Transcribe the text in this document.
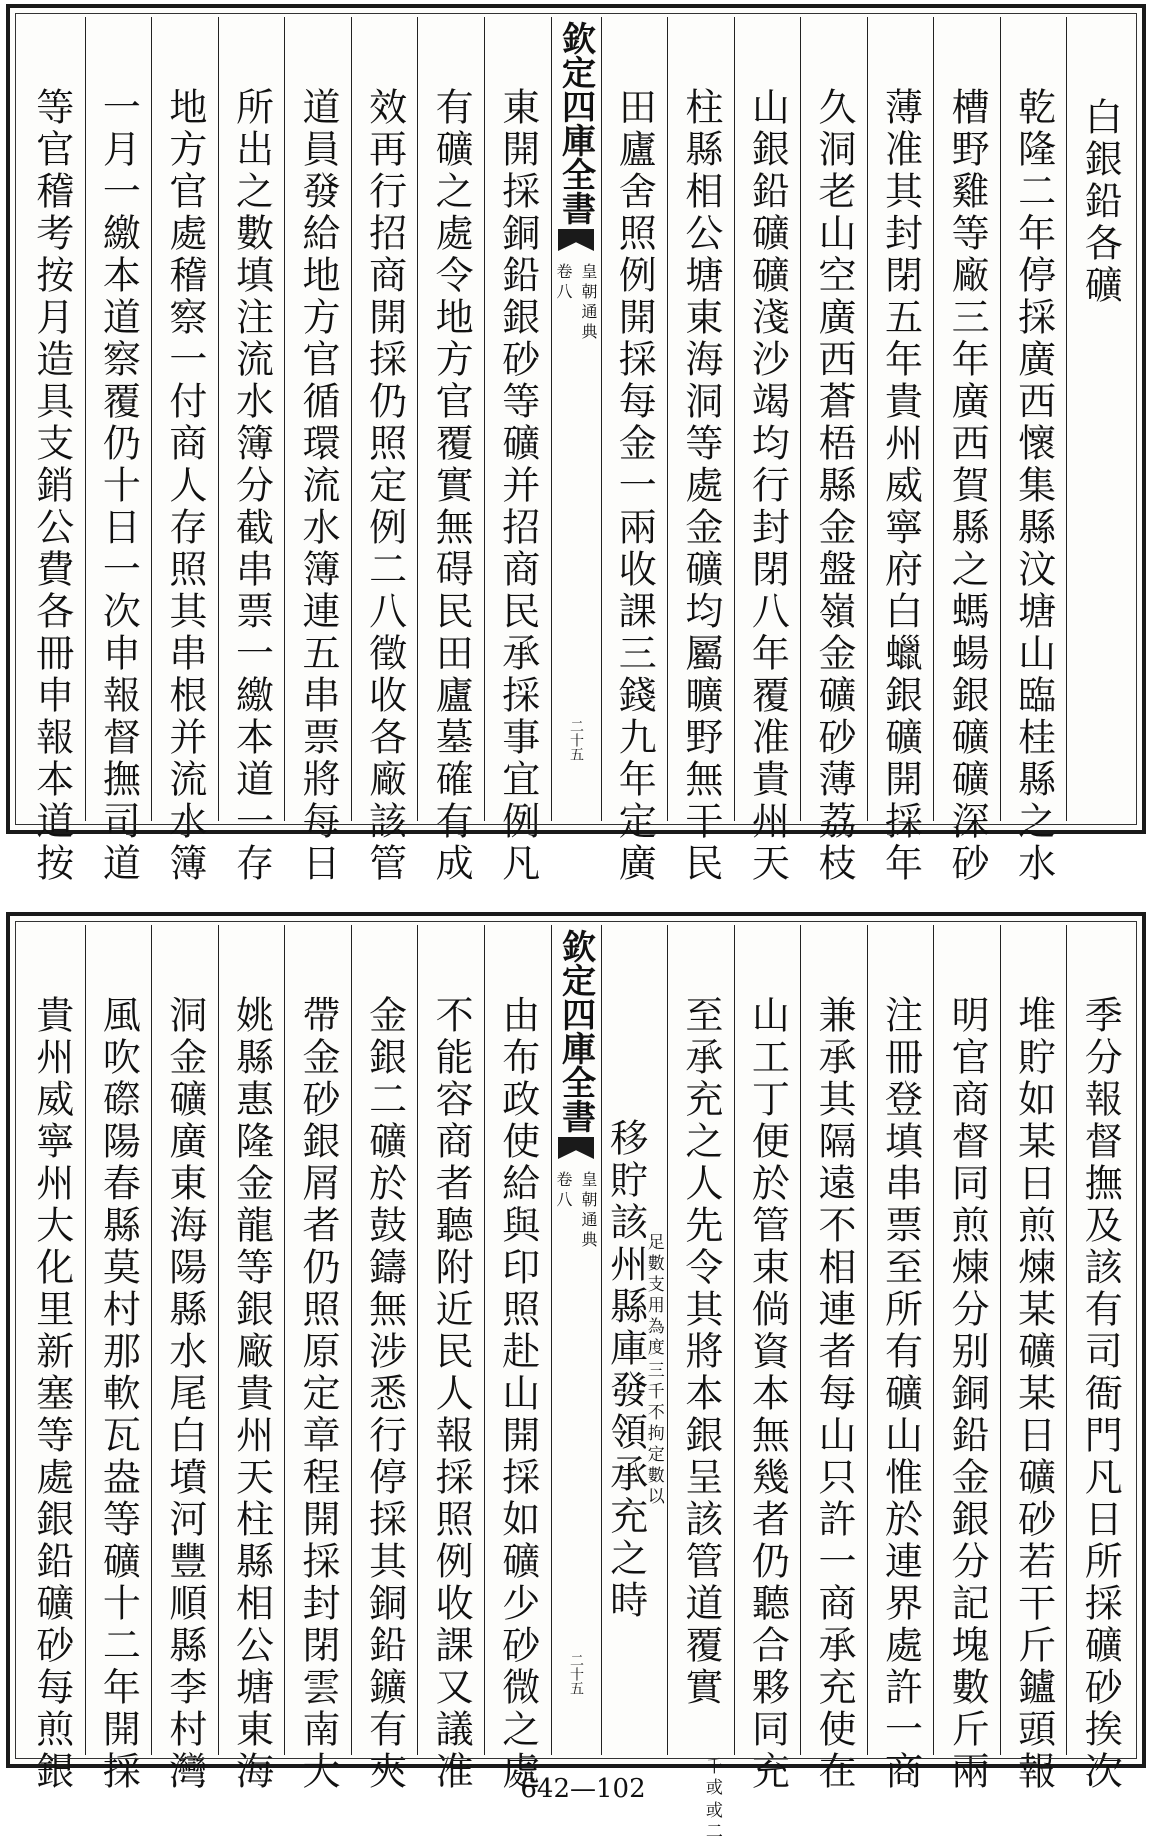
白銀鉛各礦
乾隆二年停採廣西懷集縣汶塘山臨桂縣之水
槽野雞等廠三年廣西賀縣之螞蝪銀礦礦深砂
薄准其封閉五年貴州威寧府白蠟銀礦開採年
久洞老山空廣西蒼梧縣金盤嶺金礦砂薄荔枝
山銀鉛礦礦淺沙竭均行封閉八年覆准貴州天
柱縣相公塘東海洞等處金礦均屬曠野無干民
田廬舍照例開採每金一兩收課三錢九年定廣
欽定四庫全書
皇朝通典
卷八
二十五
東開採銅鉛銀砂等礦并招商民承採事宜例凡
有礦之處令地方官覆實無碍民田廬墓確有成
效再行招商開採仍照定例二八徵收各廠該管
道員發給地方官循環流水簿連五串票將每日
所出之數填注流水簿分截串票一繳本道一存
地方官處稽察一付商人存照其串根并流水簿
一月一繳本道察覆仍十日一次申報督撫司道
等官稽考按月造具支銷公費各冊申報本道按
季分報督撫及該有司衙門凡日所採礦砂挨次
堆貯如某日煎煉某礦某日礦砂若干斤鑪頭報
明官商督同煎煉分别銅鉛金銀分記塊數斤兩
注冊登填串票至所有礦山惟於連界處許一商
兼承其隔遠不相連者每山只許一商承充使在
山工丁便於管束倘資本無幾者仍聽合夥同充
至承充之人先令其將本銀呈該管道覆實
或二
千或
三千不拘定數以
足數支用為度
移貯該州縣庫發領承充之時
欽定四庫全書
皇朝通典
卷八
二十五
由布政使給與印照赴山開採如礦少砂微之處
不能容商者聽附近民人報採照例收課又議准
金銀二礦於鼓鑄無涉悉行停採其銅鉛鑛有夾
帶金砂銀屑者仍照原定章程開採封閉雲南大
姚縣惠隆金龍等銀廠貴州天柱縣相公塘東海
洞金礦廣東海陽縣水尾白墳河豐順縣李村灣
風吹磜陽春縣莫村那軟瓦盎等礦十二年開採
貴州威寧州大化里新塞等處銀鉛礦砂每煎銀	642—102
